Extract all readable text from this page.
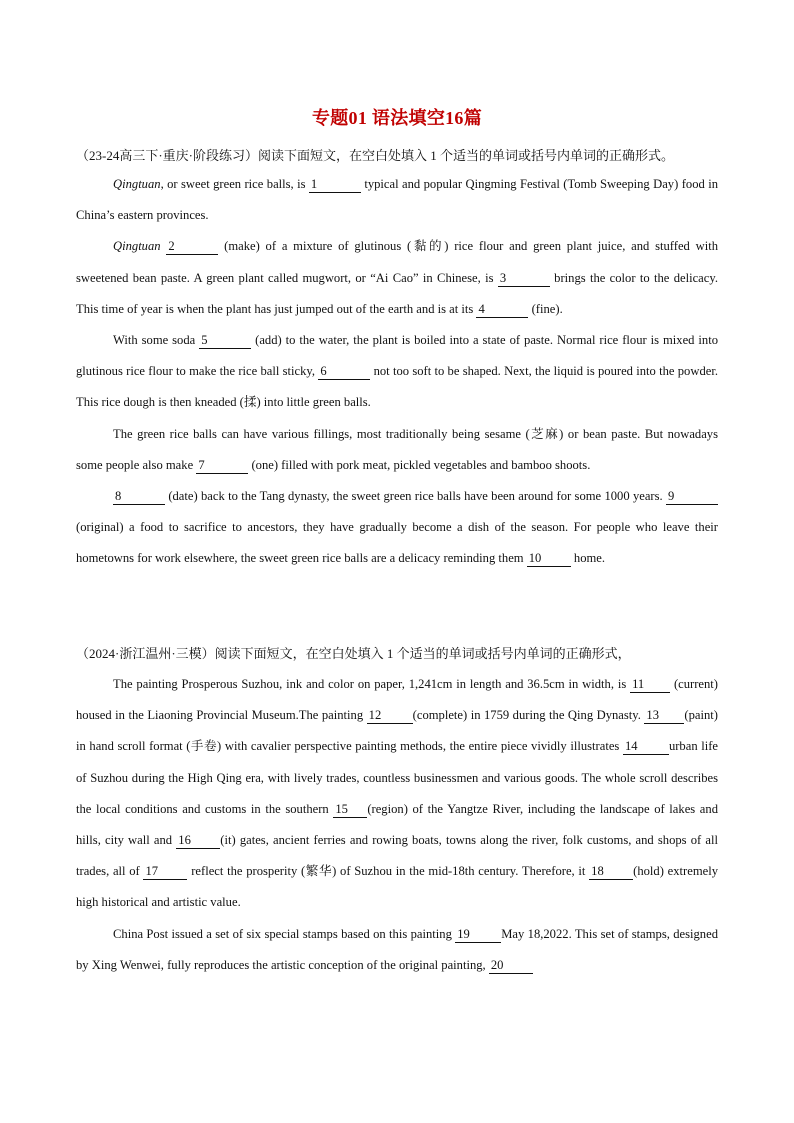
专题01 语法填空16篇
（23-24高三下·重庆·阶段练习）阅读下面短文，在空白处填入 1 个适当的单词或括号内单词的正确形式。

Qingtuan, or sweet green rice balls, is 1	typical and popular Qingming Festival (Tomb Sweeping Day) food in China’s eastern provinces.

Qingtuan 2	(make) of a mixture of glutinous (黏的) rice flour and green plant juice, and stuffed with sweetened bean paste. A green plant called mugwort, or “Ai Cao” in Chinese, is 3	brings the color to the delicacy. This time of year is when the plant has just jumped out of the earth and is at its 4	(fine).

With some soda 5	(add) to the water, the plant is boiled into a state of paste. Normal rice flour is mixed into glutinous rice flour to make the rice ball sticky, 6	not too soft to be shaped. Next, the liquid is poured into the powder. This rice dough is then kneaded (揉) into little green balls.

The green rice balls can have various fillings, most traditionally being sesame (芝麻) or bean paste. But nowadays some people also make 7	(one) filled with pork meat, pickled vegetables and bamboo shoots.

8	(date) back to the Tang dynasty, the sweet green rice balls have been around for some 1000 years. 9 (original) a food to sacrifice to ancestors, they have gradually become a dish of the season. For people who leave their hometowns for work elsewhere, the sweet green rice balls are a delicacy reminding them 10 home.

（2024·浙江温州·三模）阅读下面短文，在空白处填入 1 个适当的单词或括号内单词的正确形式，

The painting Prosperous Suzhou, ink and color on paper, 1,241cm in length and 36.5cm in width, is 11 (current) housed in the Liaoning Provincial Museum.The painting 12 (complete) in 1759 during the Qing Dynasty. 13 (paint) in hand scroll format (手卷) with cavalier perspective painting methods, the entire piece vividly illustrates 14 urban life of Suzhou during the High Qing era, with lively trades, countless businessmen and various goods. The whole scroll describes the local conditions and customs in the southern 15 (region) of the Yangtze River, including the landscape of lakes and hills, city wall and 16 (it) gates, ancient ferries and rowing boats, towns along the river, folk customs, and shops of all trades, all of 17 reflect the prosperity (繁华) of Suzhou in the mid-18th century. Therefore, it 18 (hold) extremely high historical and artistic value.

China Post issued a set of six special stamps based on this painting 19 May 18,2022. This set of stamps, designed by Xing Wenwei, fully reproduces the artistic conception of the original painting, 20
